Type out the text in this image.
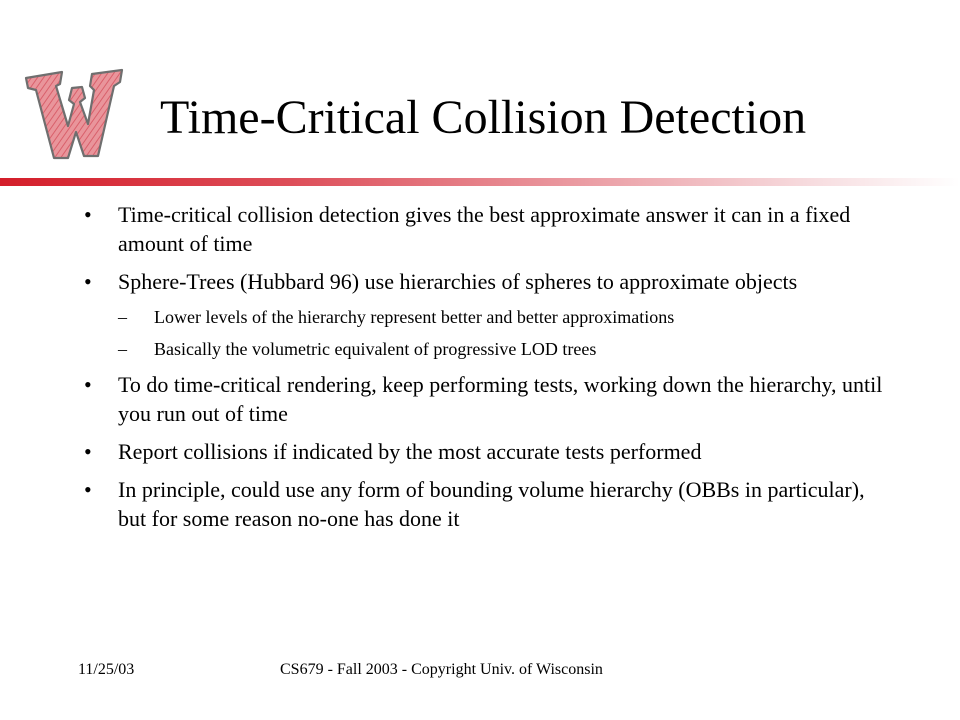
Time-Critical Collision Detection
• Time-critical collision detection gives the best approximate answer it can in a fixed amount of time
• Sphere-Trees (Hubbard 96) use hierarchies of spheres to approximate objects
– Lower levels of the hierarchy represent better and better approximations
– Basically the volumetric equivalent of progressive LOD trees
• To do time-critical rendering, keep performing tests, working down the hierarchy, until you run out of time
• Report collisions if indicated by the most accurate tests performed
• In principle, could use any form of bounding volume hierarchy (OBBs in particular), but for some reason no-one has done it
11/25/03	CS679 - Fall 2003 - Copyright Univ. of Wisconsin
